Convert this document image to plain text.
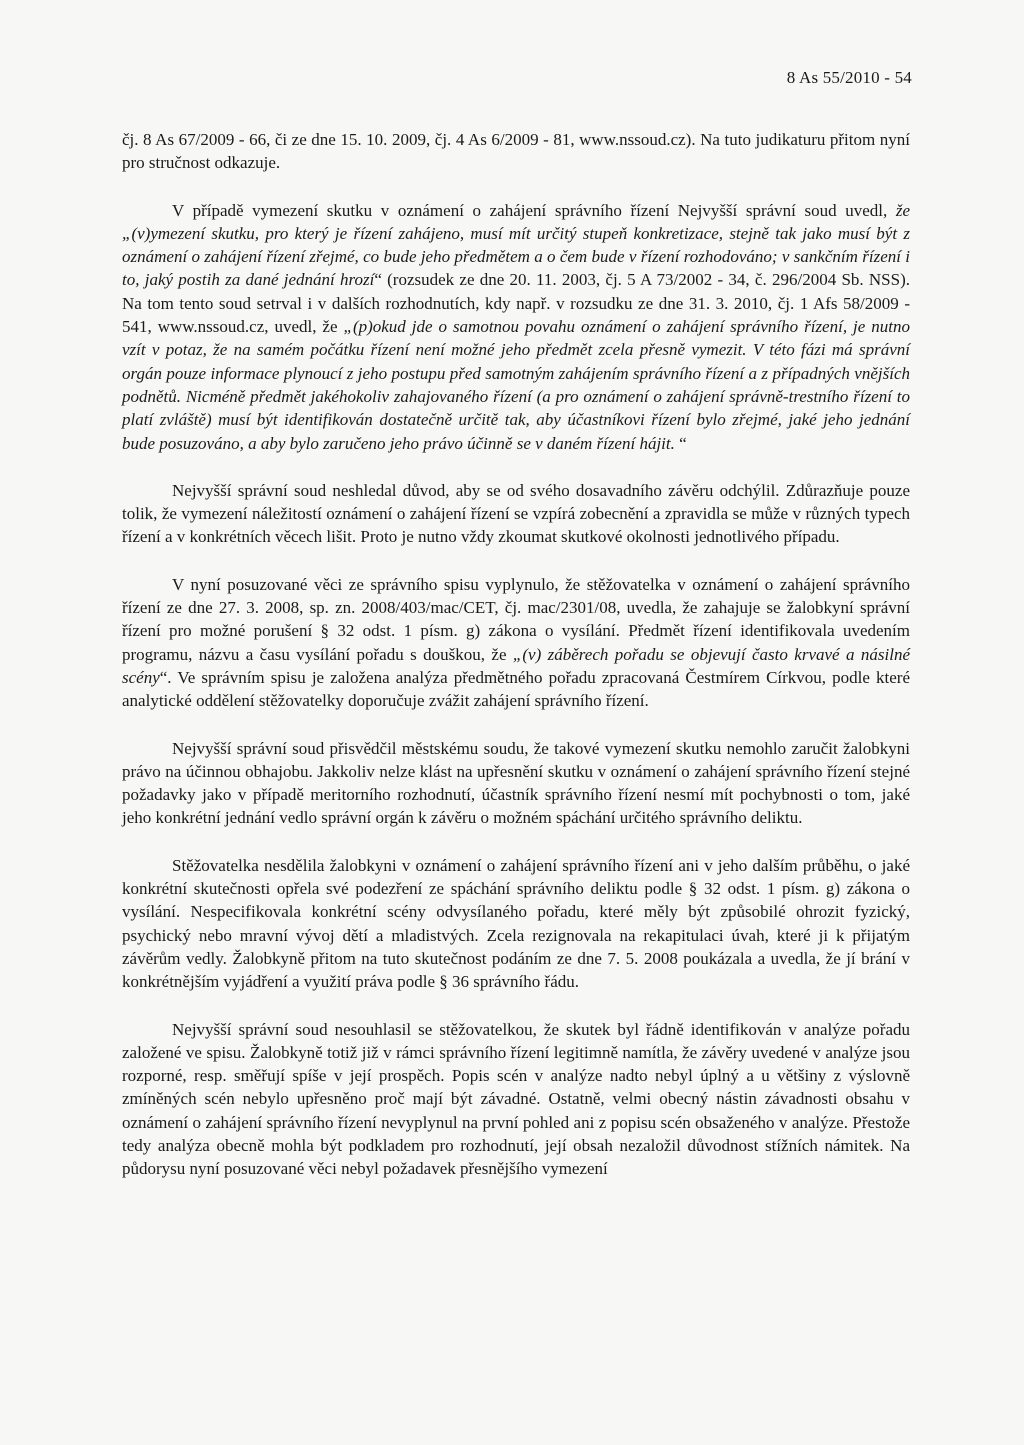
8 As 55/2010 - 54

čj. 8 As 67/2009 - 66, či ze dne 15. 10. 2009, čj. 4 As 6/2009 - 81, www.nssoud.cz). Na tuto judikaturu přitom nyní pro stručnost odkazuje.

V případě vymezení skutku v oznámení o zahájení správního řízení Nejvyšší správní soud uvedl, že „(v)ymezení skutku, pro který je řízení zahájeno, musí mít určitý stupeň konkretizace, stejně tak jako musí být z oznámení o zahájení řízení zřejmé, co bude jeho předmětem a o čem bude v řízení rozhodováno; v sankčním řízení i to, jaký postih za dané jednání hrozí“ (rozsudek ze dne 20. 11. 2003, čj. 5 A 73/2002 - 34, č. 296/2004 Sb. NSS). Na tom tento soud setrval i v dalších rozhodnutích, kdy např. v rozsudku ze dne 31. 3. 2010, čj. 1 Afs 58/2009 - 541, www.nssoud.cz, uvedl, že „(p)okud jde o samotnou povahu oznámení o zahájení správního řízení, je nutno vzít v potaz, že na samém počátku řízení není možné jeho předmět zcela přesně vymezit. V této fázi má správní orgán pouze informace plynoucí z jeho postupu před samotným zahájením správního řízení a z případných vnějších podnětů. Nicméně předmět jakéhokoliv zahajovaného řízení (a pro oznámení o zahájení správně-trestního řízení to platí zvláště) musí být identifikován dostatečně určitě tak, aby účastníkovi řízení bylo zřejmé, jaké jeho jednání bude posuzováno, a aby bylo zaručeno jeho právo účinně se v daném řízení hájit. “

Nejvyšší správní soud neshledal důvod, aby se od svého dosavadního závěru odchýlil. Zdůrazňuje pouze tolik, že vymezení náležitostí oznámení o zahájení řízení se vzpírá zobecnění a zpravidla se může v různých typech řízení a v konkrétních věcech lišit. Proto je nutno vždy zkoumat skutkové okolnosti jednotlivého případu.

V nyní posuzované věci ze správního spisu vyplynulo, že stěžovatelka v oznámení o zahájení správního řízení ze dne 27. 3. 2008, sp. zn. 2008/403/mac/CET, čj. mac/2301/08, uvedla, že zahajuje se žalobkyní správní řízení pro možné porušení § 32 odst. 1 písm. g) zákona o vysílání. Předmět řízení identifikovala uvedením programu, názvu a času vysílání pořadu s douškou, že „(v) záběrech pořadu se objevují často krvavé a násilné scény“. Ve správním spisu je založena analýza předmětného pořadu zpracovaná Čestmírem Církvou, podle které analytické oddělení stěžovatelky doporučuje zvážit zahájení správního řízení.

Nejvyšší správní soud přisvědčil městskému soudu, že takové vymezení skutku nemohlo zaručit žalobkyni právo na účinnou obhajobu. Jakkoliv nelze klást na upřesnění skutku v oznámení o zahájení správního řízení stejné požadavky jako v případě meritorního rozhodnutí, účastník správního řízení nesmí mít pochybnosti o tom, jaké jeho konkrétní jednání vedlo správní orgán k závěru o možném spáchání určitého správního deliktu.

Stěžovatelka nesdělila žalobkyni v oznámení o zahájení správního řízení ani v jeho dalším průběhu, o jaké konkrétní skutečnosti opřela své podezření ze spáchání správního deliktu podle § 32 odst. 1 písm. g) zákona o vysílání. Nespecifikovala konkrétní scény odvysílaného pořadu, které měly být způsobilé ohrozit fyzický, psychický nebo mravní vývoj dětí a mladistvých. Zcela rezignovala na rekapitulaci úvah, které ji k přijatým závěrům vedly. Žalobkyně přitom na tuto skutečnost podáním ze dne 7. 5. 2008 poukázala a uvedla, že jí brání v konkrétnějším vyjádření a využití práva podle § 36 správního řádu.

Nejvyšší správní soud nesouhlasil se stěžovatelkou, že skutek byl řádně identifikován v analýze pořadu založené ve spisu. Žalobkyně totiž již v rámci správního řízení legitimně namítla, že závěry uvedené v analýze jsou rozporné, resp. směřují spíše v její prospěch. Popis scén v analýze nadto nebyl úplný a u většiny z výslovně zmíněných scén nebylo upřesněno proč mají být závadné. Ostatně, velmi obecný nástin závadnosti obsahu v oznámení o zahájení správního řízení nevyplynul na první pohled ani z popisu scén obsaženého v analýze. Přestože tedy analýza obecně mohla být podkladem pro rozhodnutí, její obsah nezaložil důvodnost stížních námitek. Na půdorysu nyní posuzované věci nebyl požadavek přesnějšího vymezení
